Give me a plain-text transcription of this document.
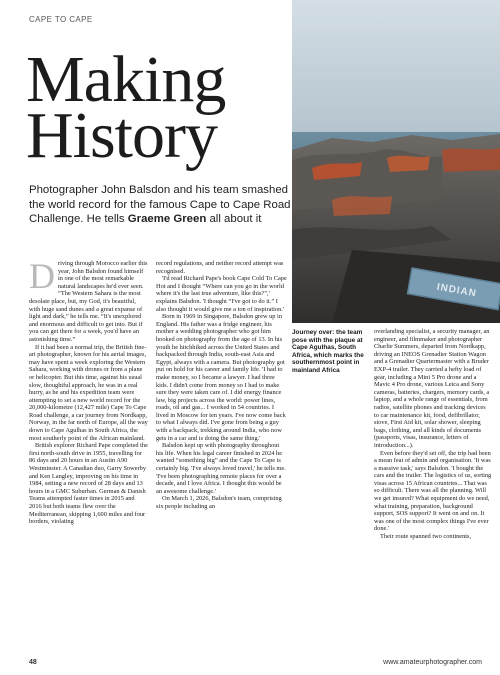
CAPE TO CAPE
Making
History
INDIAN

Photographer John Balsdon and his team smashed the world record for the famous Cape to Cape Road Challenge. He tells Graeme Green all about it

Driving through Morocco earlier this year, John Balsdon found himself in one of the most remarkable natural landscapes he'd ever seen. “The Western Sahara is the most desolate place, but, my God, it's beautiful, with huge sand dunes and a great expanse of light and dark,” he tells me. “It's unexplored and enormous and difficult to get into. But if you can get there for a week, you'd have an astonishing time.”

If it had been a normal trip, the British fine-art photographer, known for his aerial images, may have spent a week exploring the Western Sahara, working with drones or from a plane or helicopter. But this time, against his usual slow, thoughtful approach, he was in a real hurry, as he and his expedition team were attempting to set a new world record for the 20,000-kilometre (12,427 mile) Cape To Cape Road challenge, a car journey from Nordkapp, Norway, in the far north of Europe, all the way down to Cape Agulhas in South Africa, the most southerly point of the African mainland.

British explorer Richard Pape completed the first north-south drive in 1955, travelling for 86 days and 20 hours in an Austin A90 Westminster. A Canadian duo, Garry Sowerby and Ken Langley, improving on his time in 1984, setting a new record of 28 days and 13 hours in a GMC Suburban. German & Danish Teams attempted faster times in 2015 and 2016 but both teams flew over the Mediterranean, skipping 1,600 miles and four borders, violating

record regulations, and neither record attempt was recognised.

'I'd read Richard Pape's book Cape Cold To Cape Hot and I thought “Where can you go in the world where it's the last true adventure, like this?”,' explains Balsdon. 'I thought “I've got to do it.” I also thought it would give me a ton of inspiration.'

Born in 1969 in Singapore, Balsdon grew up in England. His father was a fridge engineer, his mother a wedding photographer who got him hooked on photography from the age of 13. In his youth he hitchhiked across the United States and backpacked through India, south-east Asia and Egypt, always with a camera. But photography got put on hold for his career and family life. 'I had to make money, so I became a lawyer. I had three kids. I didn't come from money so I had to make sure they were taken care of. I did energy finance law, big projects across the world: power lines, roads, oil and gas... I worked in 54 countries. I lived in Moscow for ten years. I've now come back to what I always did. I've gone from being a guy with a backpack, trekking around India, who now gets in a car and is doing the same thing.'

Balsdon kept up with photography throughout his life. When his legal career finished in 2024 he wanted “something big” and the Cape To Cape is certainly big. 'I've always loved travel,' he tells me. 'I've been photographing remote places for over a decade, and I love Africa. I thought this would be an awesome challenge.'

On March 1, 2026, Balsdon's team, comprising six people including an

Journey over: the team pose with the plaque at Cape Agulhas, South Africa, which marks the southernmost point in mainland Africa

overlanding specialist, a security manager, an engineer, and filmmaker and photographer Charlie Summers, departed from Nordkapp, driving an INEOS Grenadier Station Wagon and a Grenadier Quartermaster with a Bruder EXP-4 trailer. They carried a hefty load of gear, including a Mini 5 Pro drone and a Mavic 4 Pro drone, various Leica and Sony cameras, batteries, chargers, memory cards, a laptop, and a whole range of essentials, from radios, satellite phones and tracking devices to car maintenance kit, food, defibrillator, stove, First Aid kit, solar shower, sleeping bags, clothing, and all kinds of documents (passports, visas, insurance, letters of introduction...).

Even before they'd set off, the trip had been a mean feat of admin and organisation. 'It was a massive task,' says Balsdon. 'I bought the cars and the trailer. The logistics of us, sorting visas across 15 African countries... That was so difficult. There was all the planning. Will we get insured? What equipment do we need, what training, preparation, background support, SOS support? It went on and on. It was one of the most complex things I've ever done.'

Their route spanned two continents,

48	www.amateurphotographer.com
